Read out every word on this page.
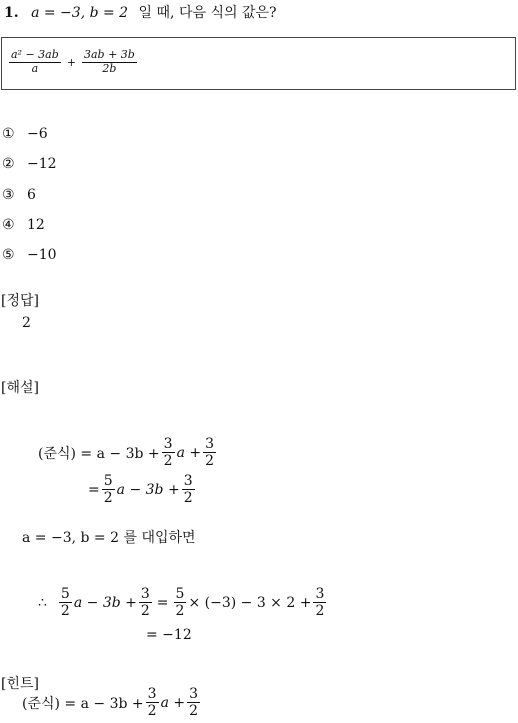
1. a = −3, b = 2 일 때, 다음 식의 값은?
$\frac{\text{a² − 3ab}}{a} + \frac{3ab + 3b}{2b}$
① −6
② −12
③ 6
④ 12
⑤ −10
[정답]
2
[해설]
(준식) = $a - 3b + \frac{3}{2}$ $a + \frac{3}{2}$
= $\frac{5}{2}$ $a - 3b + \frac{3}{2}$
a = −3, b = 2 를 대입하면
∴ $\frac{5}{2}$ $a - 3b + \frac{3}{2} = \frac{5}{2} \times (-3) - 3 \times 2 + \frac{3}{2}$
= −12
[힌트]
(준식) = $a - 3b + \frac{3}{2}$ $a + \frac{3}{2}$
